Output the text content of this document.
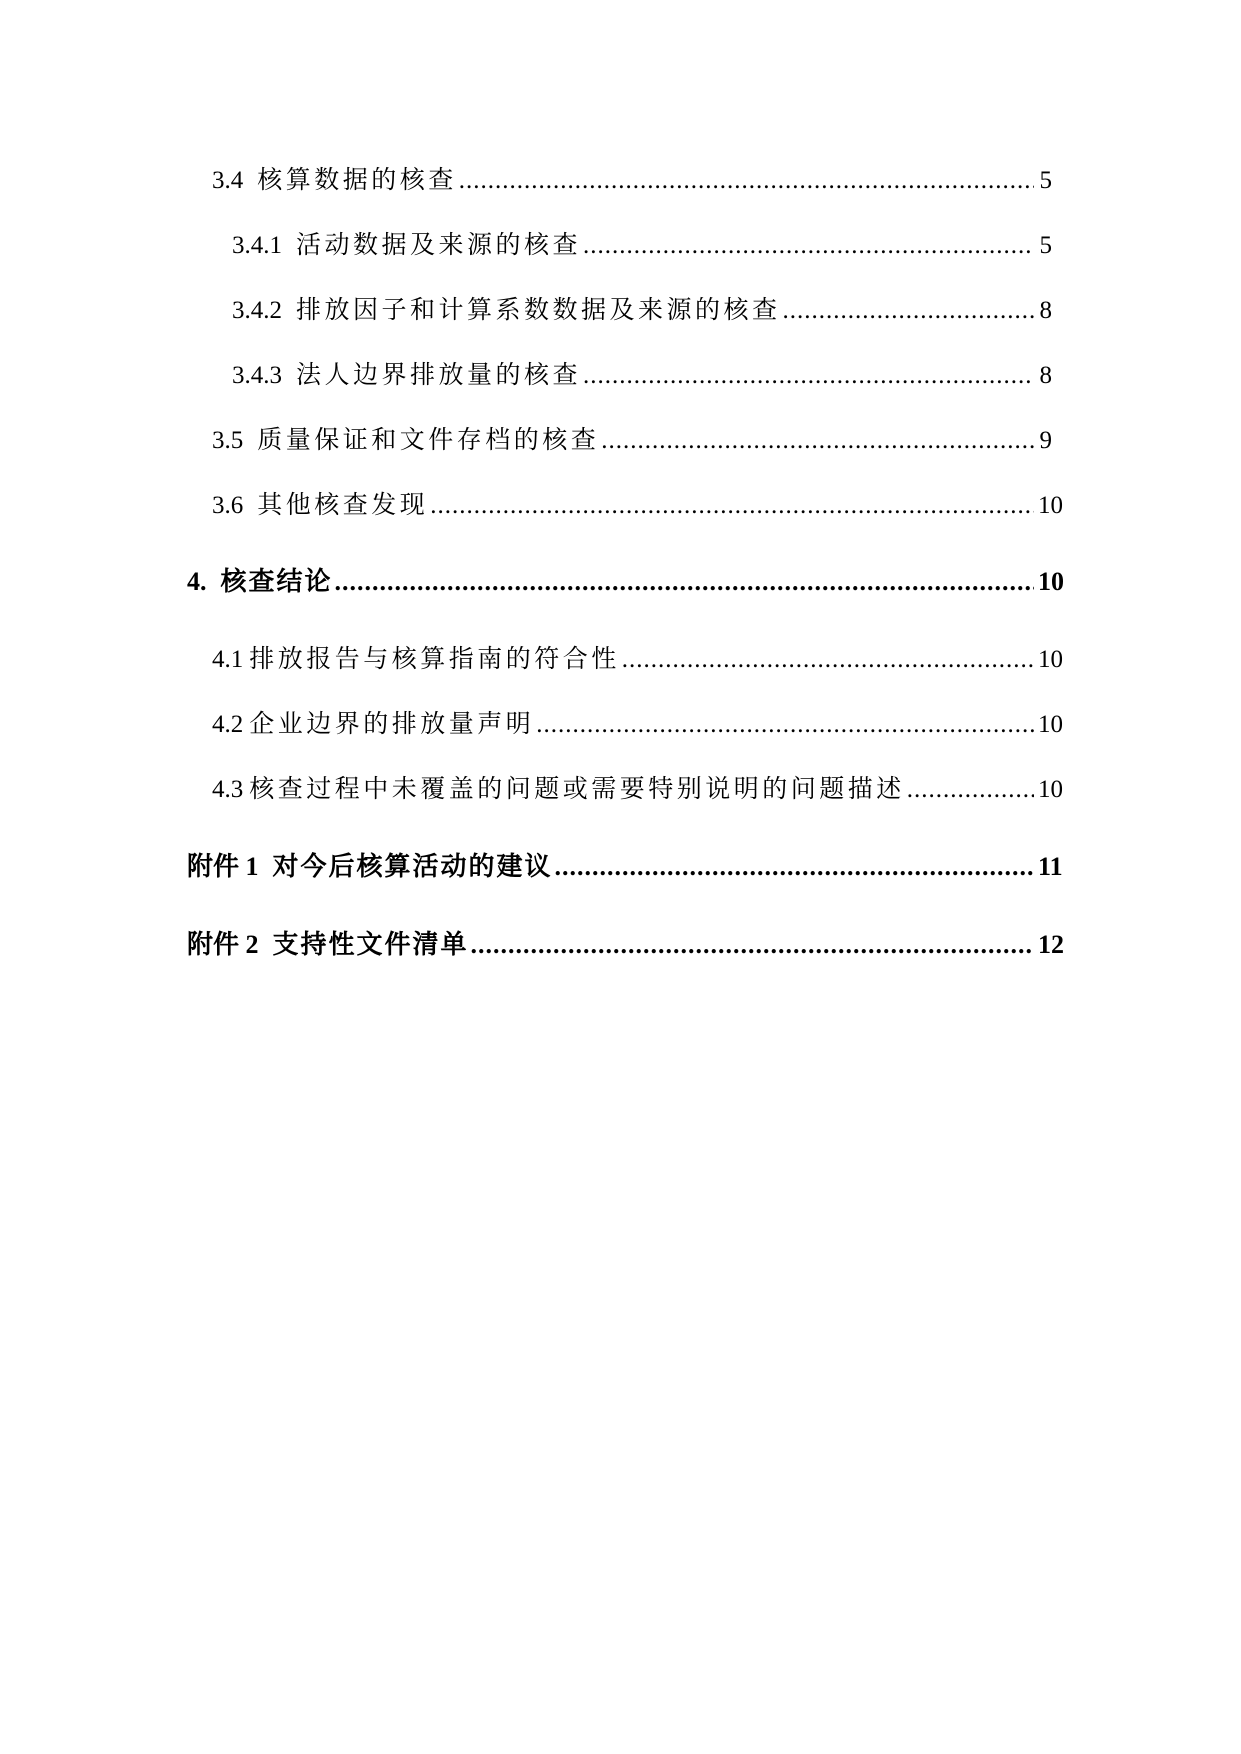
3.4 核算数据的核查 .....	5
3.4.1 活动数据及来源的核查 .....	5
3.4.2 排放因子和计算系数数据及来源的核查 .....	8
3.4.3 法人边界排放量的核查 .....	8
3.5 质量保证和文件存档的核查 .....	9
3.6 其他核查发现 .....	10
4. 核查结论 .....	10
4.1 排放报告与核算指南的符合性 .....	10
4.2 企业边界的排放量声明 .....	10
4.3 核查过程中未覆盖的问题或需要特别说明的问题描述 .....	10
附件 1 对今后核算活动的建议 .....	11
附件 2 支持性文件清单 .....	12
